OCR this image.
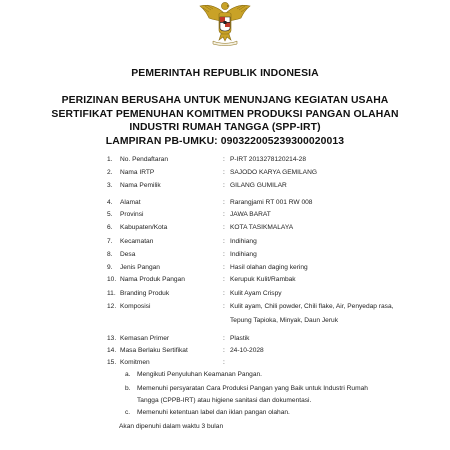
PEMERINTAH REPUBLIK INDONESIA
PERIZINAN BERUSAHA UNTUK MENUNJANG KEGIATAN USAHA
SERTIFIKAT PEMENUHAN KOMITMEN PRODUKSI PANGAN OLAHAN
INDUSTRI RUMAH TANGGA (SPP-IRT)
LAMPIRAN PB-UMKU: 090322005239300020013
1.	No. Pendaftaran	: P-IRT 2013278120214-28
2.	Nama IRTP	: SAJODO KARYA GEMILANG
3.	Nama Pemilik	: GILANG GUMILAR
4.	Alamat	: Rarangjami RT 001 RW 008
5.	Provinsi	: JAWA BARAT
6.	Kabupaten/Kota	: KOTA TASIKMALAYA
7.	Kecamatan	: Indihiang
8.	Desa	: Indihiang
9.	Jenis Pangan	: Hasil olahan daging kering
10. Nama Produk Pangan	: Kerupuk Kulit/Rambak
11. Branding Produk	: Kulit Ayam Crispy
12. Komposisi	: Kulit ayam, Chili powder, Chili flake, Air, Penyedap rasa,
Tepung Tapioka, Minyak, Daun Jeruk
13. Kemasan Primer	: Plastik
14. Masa Berlaku Sertifikat	: 24-10-2028
15. Komitmen	:
a. Mengikuti Penyuluhan Keamanan Pangan.
b. Memenuhi persyaratan Cara Produksi Pangan yang Baik untuk Industri Rumah
Tangga (CPPB-IRT) atau higiene sanitasi dan dokumentasi.
c. Memenuhi ketentuan label dan iklan pangan olahan.
Akan dipenuhi dalam waktu 3 bulan
